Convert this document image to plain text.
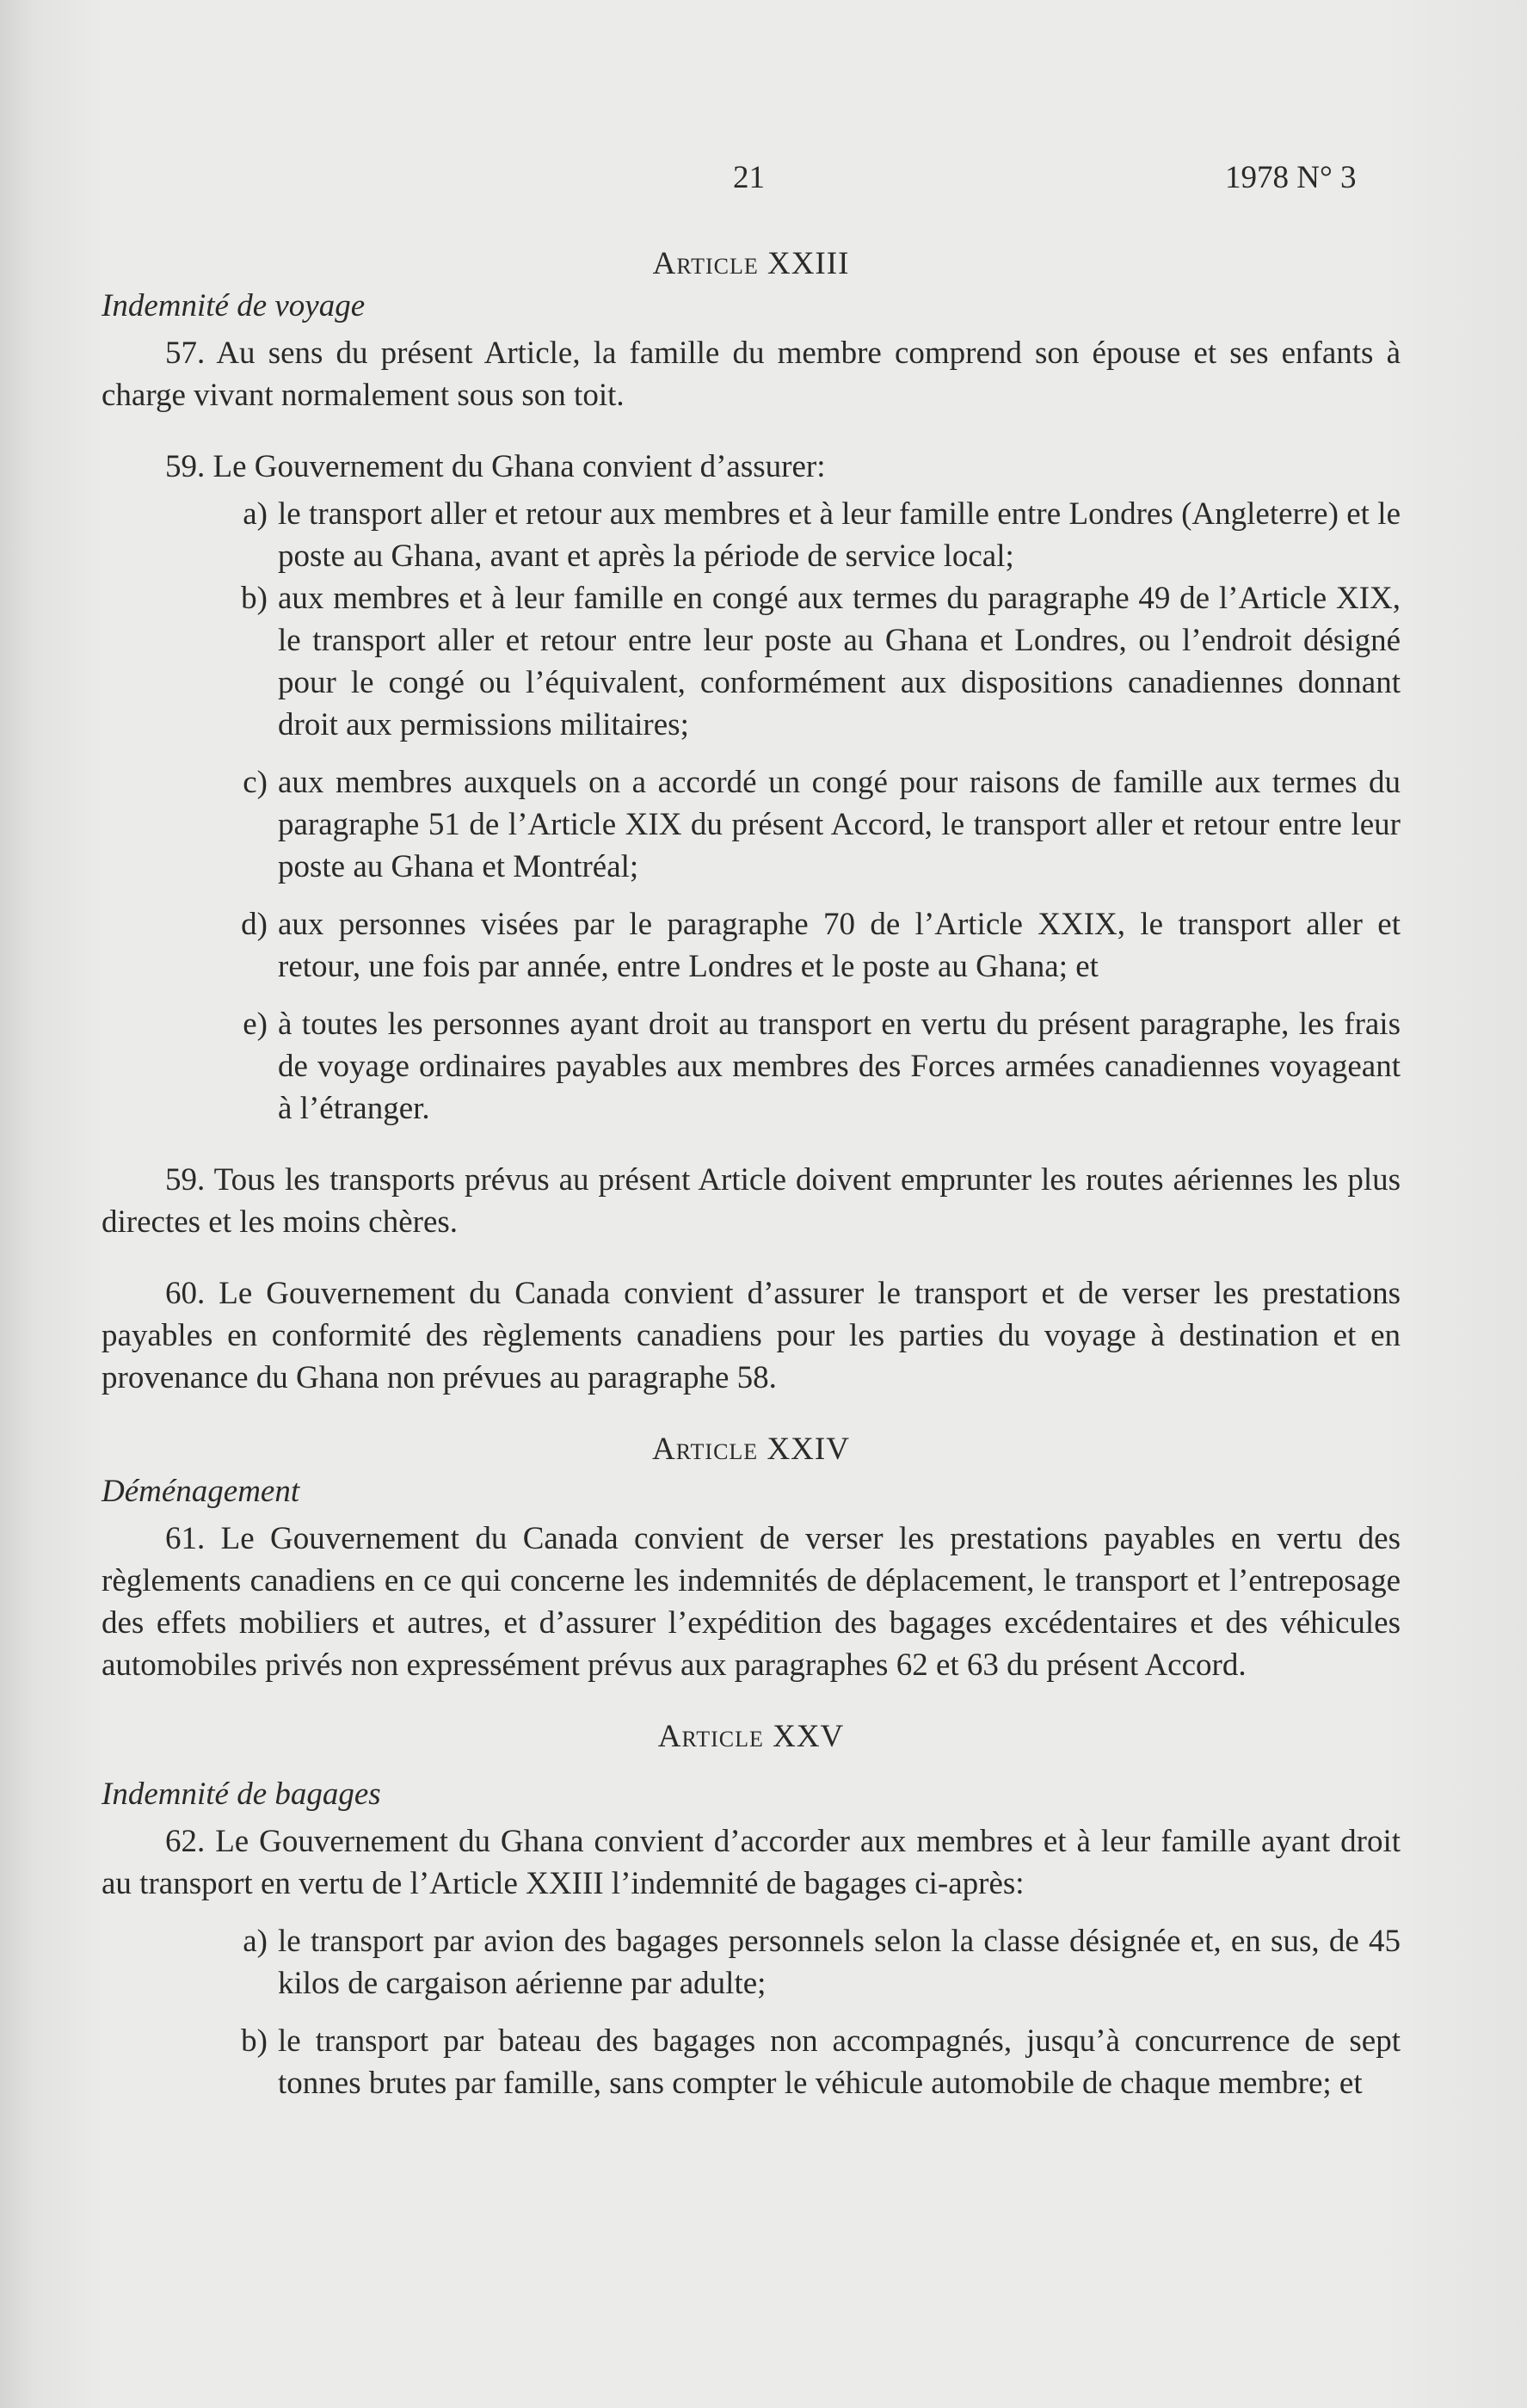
21	1978 N° 3

Article XXIII

Indemnité de voyage

57. Au sens du présent Article, la famille du membre comprend son épouse et ses enfants à charge vivant normalement sous son toit.

59. Le Gouvernement du Ghana convient d’assurer:

a) le transport aller et retour aux membres et à leur famille entre Londres (Angleterre) et le poste au Ghana, avant et après la période de service local;
b) aux membres et à leur famille en congé aux termes du paragraphe 49 de l’Article XIX, le transport aller et retour entre leur poste au Ghana et Londres, ou l’endroit désigné pour le congé ou l’équivalent, conformément aux dispositions canadiennes donnant droit aux permissions militaires;
c) aux membres auxquels on a accordé un congé pour raisons de famille aux termes du paragraphe 51 de l’Article XIX du présent Accord, le transport aller et retour entre leur poste au Ghana et Montréal;
d) aux personnes visées par le paragraphe 70 de l’Article XXIX, le transport aller et retour, une fois par année, entre Londres et le poste au Ghana; et
e) à toutes les personnes ayant droit au transport en vertu du présent paragraphe, les frais de voyage ordinaires payables aux membres des Forces armées canadiennes voyageant à l’étranger.

59. Tous les transports prévus au présent Article doivent emprunter les routes aériennes les plus directes et les moins chères.

60. Le Gouvernement du Canada convient d’assurer le transport et de verser les prestations payables en conformité des règlements canadiens pour les parties du voyage à destination et en provenance du Ghana non prévues au paragraphe 58.

Article XXIV

Déménagement

61. Le Gouvernement du Canada convient de verser les prestations payables en vertu des règlements canadiens en ce qui concerne les indemnités de déplacement, le transport et l’entreposage des effets mobiliers et autres, et d’assurer l’expédition des bagages excédentaires et des véhicules automobiles privés non expressément prévus aux paragraphes 62 et 63 du présent Accord.

Article XXV

Indemnité de bagages

62. Le Gouvernement du Ghana convient d’accorder aux membres et à leur famille ayant droit au transport en vertu de l’Article XXIII l’indemnité de bagages ci-après:

a) le transport par avion des bagages personnels selon la classe désignée et, en sus, de 45 kilos de cargaison aérienne par adulte;
b) le transport par bateau des bagages non accompagnés, jusqu’à concurrence de sept tonnes brutes par famille, sans compter le véhicule automobile de chaque membre; et
